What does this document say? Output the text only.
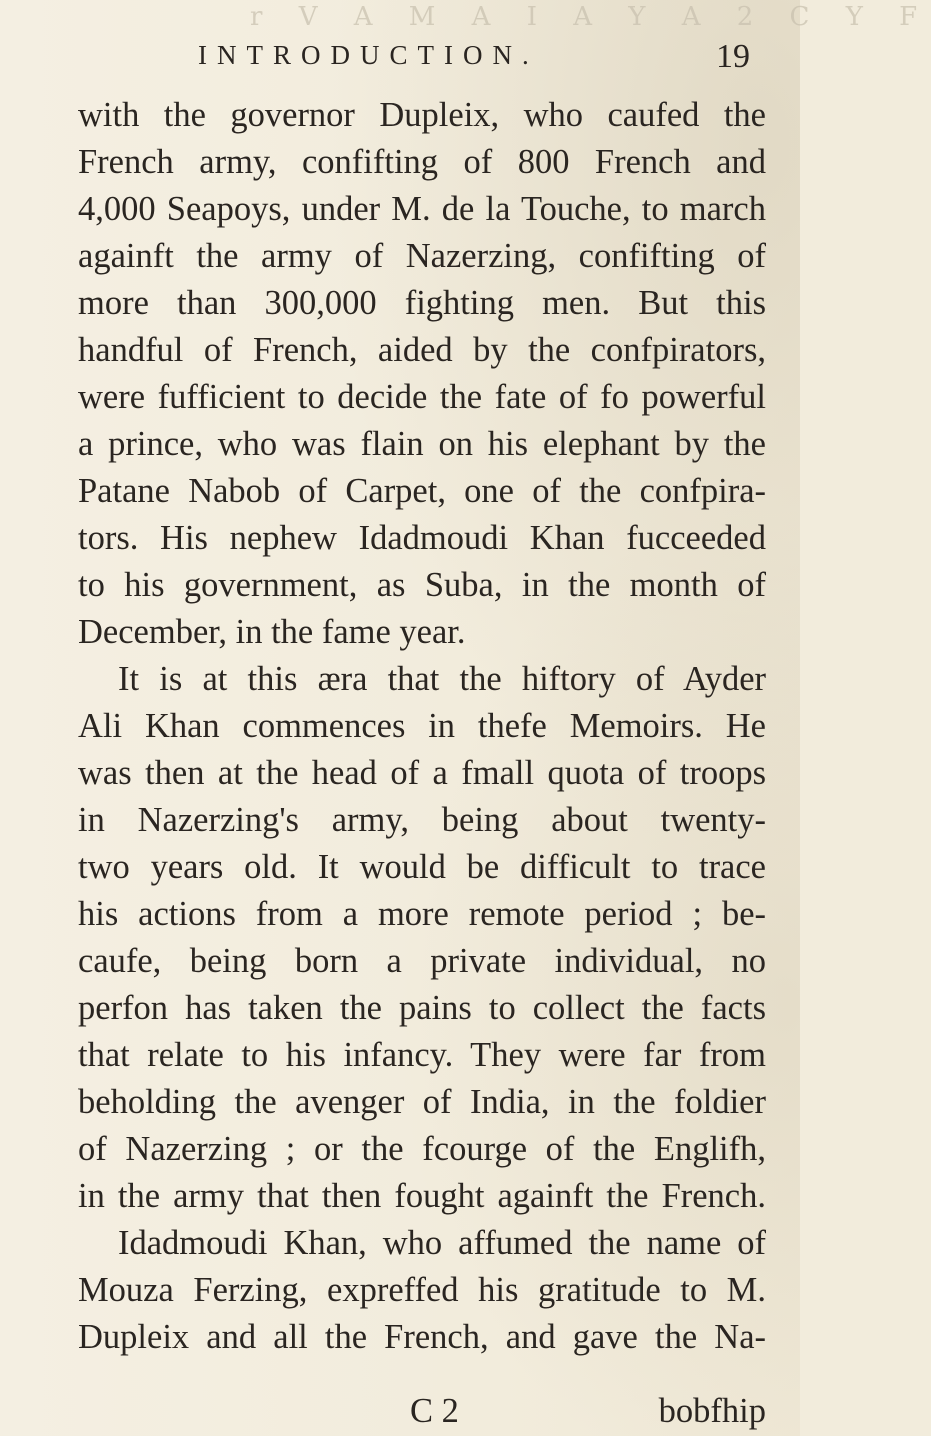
r V A M A I A Y A 2 C Y F
INTRODUCTION.	19
with the governor Dupleix, who caufed the
French army, confifting of 800 French and
4,000 Seapoys, under M. de la Touche, to march
againft the army of Nazerzing, confifting of
more than 300,000 fighting men. But this
handful of French, aided by the confpirators,
were fufficient to decide the fate of fo powerful
a prince, who was flain on his elephant by the
Patane Nabob of Carpet, one of the confpira-
tors. His nephew Idadmoudi Khan fucceeded
to his government, as Suba, in the month of
December, in the fame year.
It is at this æra that the hiftory of Ayder
Ali Khan commences in thefe Memoirs. He
was then at the head of a fmall quota of troops
in Nazerzing's army, being about twenty-
two years old. It would be difficult to trace
his actions from a more remote period ; be-
caufe, being born a private individual, no
perfon has taken the pains to collect the facts
that relate to his infancy. They were far from
beholding the avenger of India, in the foldier
of Nazerzing ; or the fcourge of the Englifh,
in the army that then fought againft the French.
Idadmoudi Khan, who affumed the name of
Mouza Ferzing, expreffed his gratitude to M.
Dupleix and all the French, and gave the Na-
C 2	bobfhip
